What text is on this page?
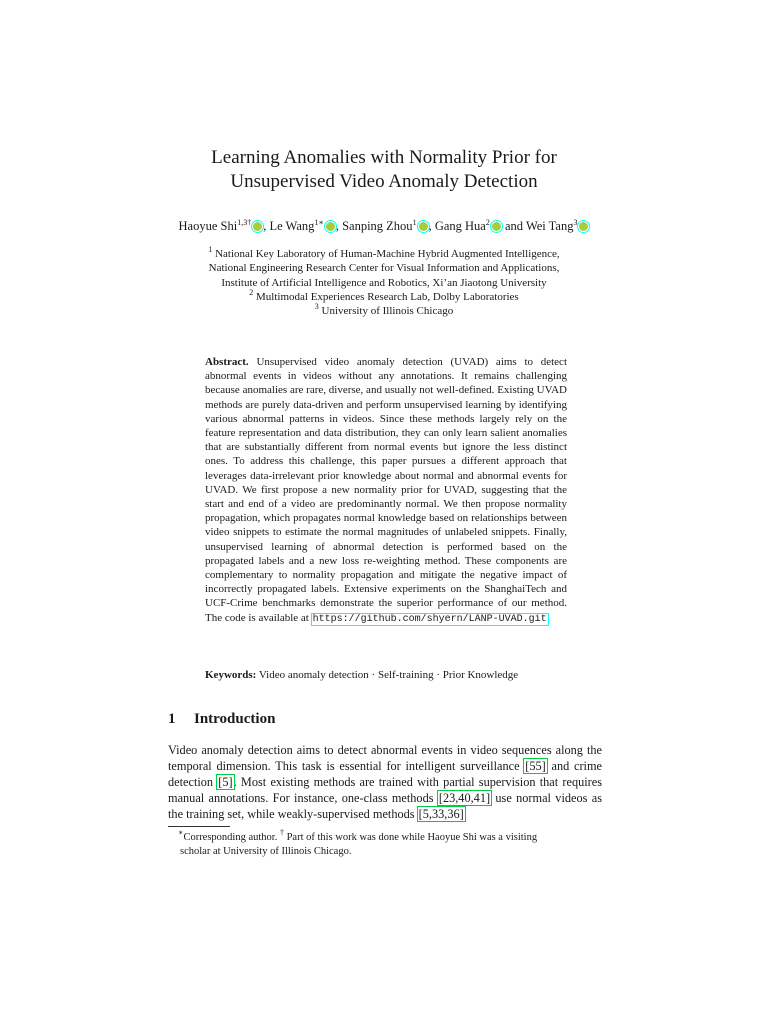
Learning Anomalies with Normality Prior for
Unsupervised Video Anomaly Detection
Haoyue Shi$^{1,3\dagger}$ , Le Wang$^{1∗}$ , Sanping Zhou$^1$ , Gang Hua$^2$ and Wei Tang$^3$
$^1$ National Key Laboratory of Human-Machine Hybrid Augmented Intelligence,
National Engineering Research Center for Visual Information and Applications,
Institute of Artificial Intelligence and Robotics, Xi’an Jiaotong University
$^2$ Multimodal Experiences Research Lab, Dolby Laboratories
$^3$ University of Illinois Chicago

Abstract. Unsupervised video anomaly detection (UVAD) aims to detect abnormal events in videos without any annotations. It remains challenging because anomalies are rare, diverse, and usually not well-defined. Existing UVAD methods are purely data-driven and perform unsupervised learning by identifying various abnormal patterns in videos. Since these methods largely rely on the feature representation and data distribution, they can only learn salient anomalies that are substantially different from normal events but ignore the less distinct ones. To address this challenge, this paper pursues a different approach that leverages data-irrelevant prior knowledge about normal and abnormal events for UVAD. We first propose a new normality prior for UVAD, suggesting that the start and end of a video are predominantly normal. We then propose normality propagation, which propagates normal knowledge based on relationships between video snippets to estimate the normal magnitudes of unlabeled snippets. Finally, unsupervised learning of abnormal detection is performed based on the propagated labels and a new loss re-weighting method. These components are complementary to normality propagation and mitigate the negative impact of incorrectly propagated labels. Extensive experiments on the ShanghaiTech and UCF-Crime benchmarks demonstrate the superior performance of our method. The code is available at https://github.com/shyern/LANP-UVAD.git

Keywords: Video anomaly detection · Self-training · Prior Knowledge
1 Introduction

Video anomaly detection aims to detect abnormal events in video sequences along the temporal dimension. This task is essential for intelligent surveillance [55] and crime detection [5]. Most existing methods are trained with partial supervision that requires manual annotations. For instance, one-class methods [23,40,41] use normal videos as the training set, while weakly-supervised methods [5,33,36]

∗Corresponding author. † Part of this work was done while Haoyue Shi was a visiting
scholar at University of Illinois Chicago.
